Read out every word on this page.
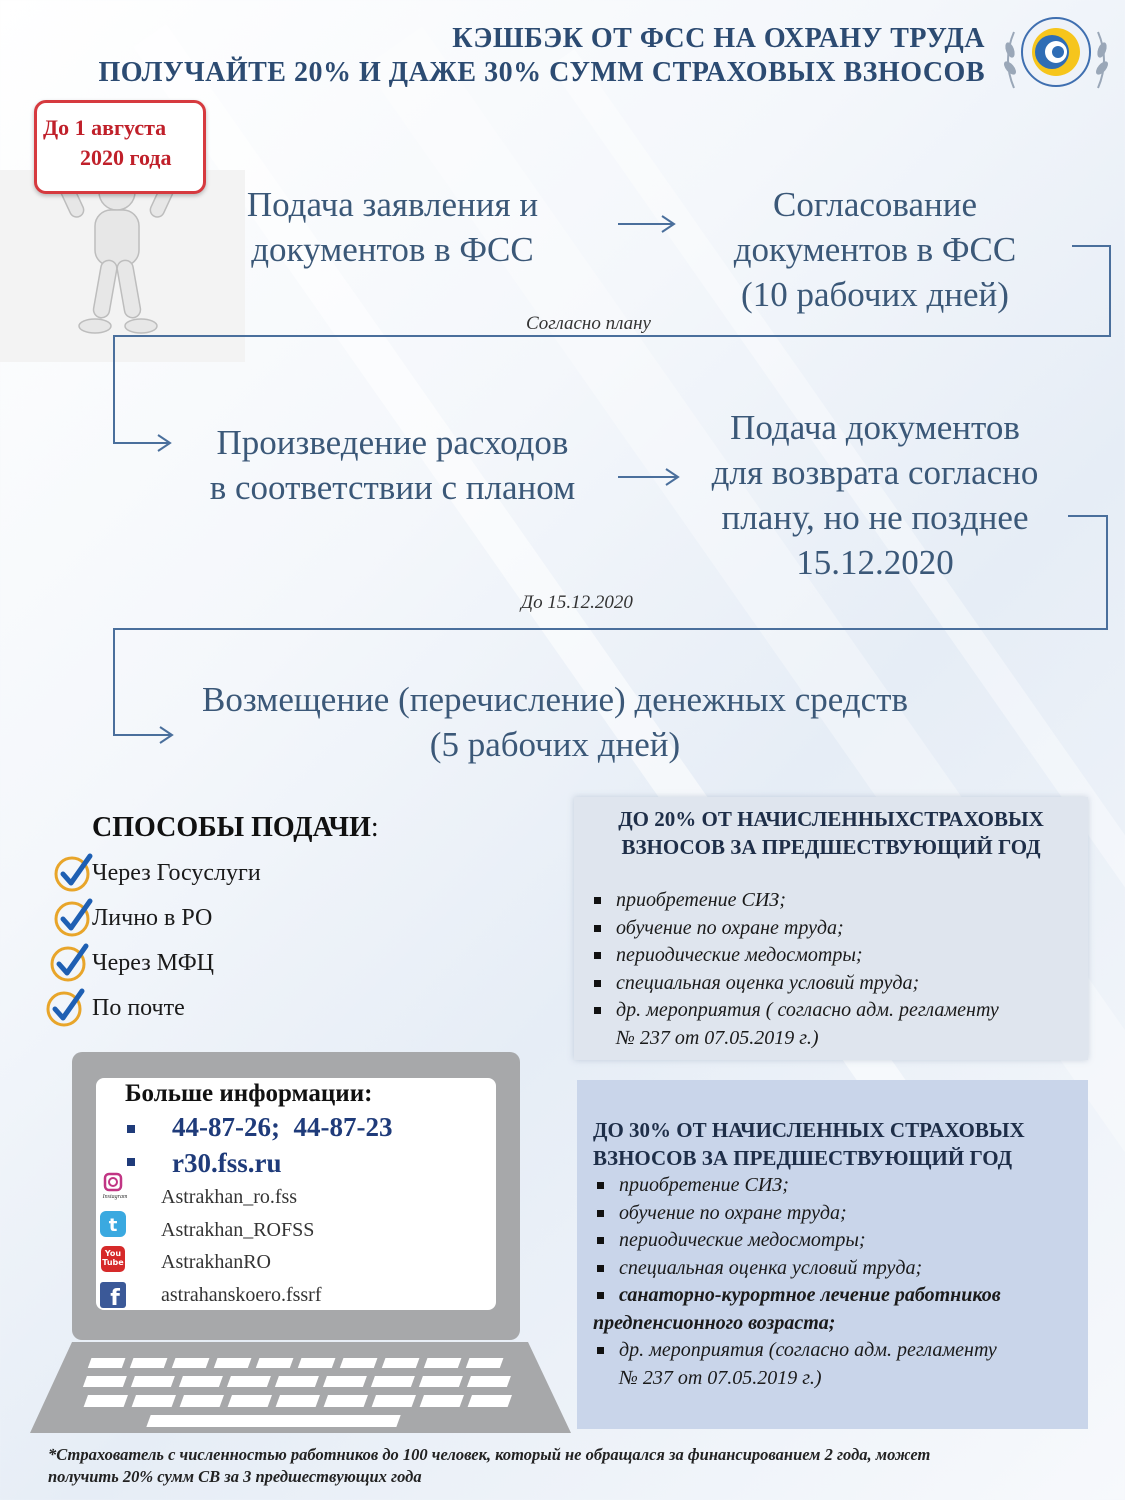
КЭШБЭК ОТ ФСС НА ОХРАНУ ТРУДА
ПОЛУЧАЙТЕ 20% И ДАЖЕ 30% СУММ СТРАХОВЫХ ВЗНОСОВ
До 1 августа
2020 года
Подача заявления и
документов в ФСС
Согласование
документов в ФСС
(10 рабочих дней)
Согласно плану
Произведение расходов
в соответствии с планом
Подача документов
для возврата согласно
плану, но не позднее
15.12.2020
До 15.12.2020
Возмещение (перечисление) денежных средств
(5 рабочих дней)
СПОСОБЫ ПОДАЧИ:
Через Госуслуги
Лично в РО
Через МФЦ
По почте
ДО 20% ОТ НАЧИСЛЕННЫХСТРАХОВЫХ
ВЗНОСОВ ЗА ПРЕДШЕСТВУЮЩИЙ ГОД
приобретение СИЗ;
обучение по охране труда;
периодические медосмотры;
специальная оценка условий труда;
др. мероприятия ( согласно адм. регламенту
№ 237 от 07.05.2019 г.)
ДО 30% ОТ НАЧИСЛЕННЫХ СТРАХОВЫХ
ВЗНОСОВ ЗА ПРЕДШЕСТВУЮЩИЙ ГОД
приобретение СИЗ;
обучение по охране труда;
периодические медосмотры;
специальная оценка условий труда;
санаторно-курортное лечение работников
предпенсионного возраста;
др. мероприятия (согласно адм. регламенту
№ 237 от 07.05.2019 г.)
Больше информации:
44-87-26;  44-87-23
r30.fss.ru
Instagram Astrakhan_ro.fss
t Astrakhan_ROFSS
You Tube AstrakhanRO
f astrahanskoero.fssrf
*Страхователь с численностью работников до 100 человек, который не обращался за финансированием 2 года, может
получить 20% сумм СВ за 3 предшествующих года
